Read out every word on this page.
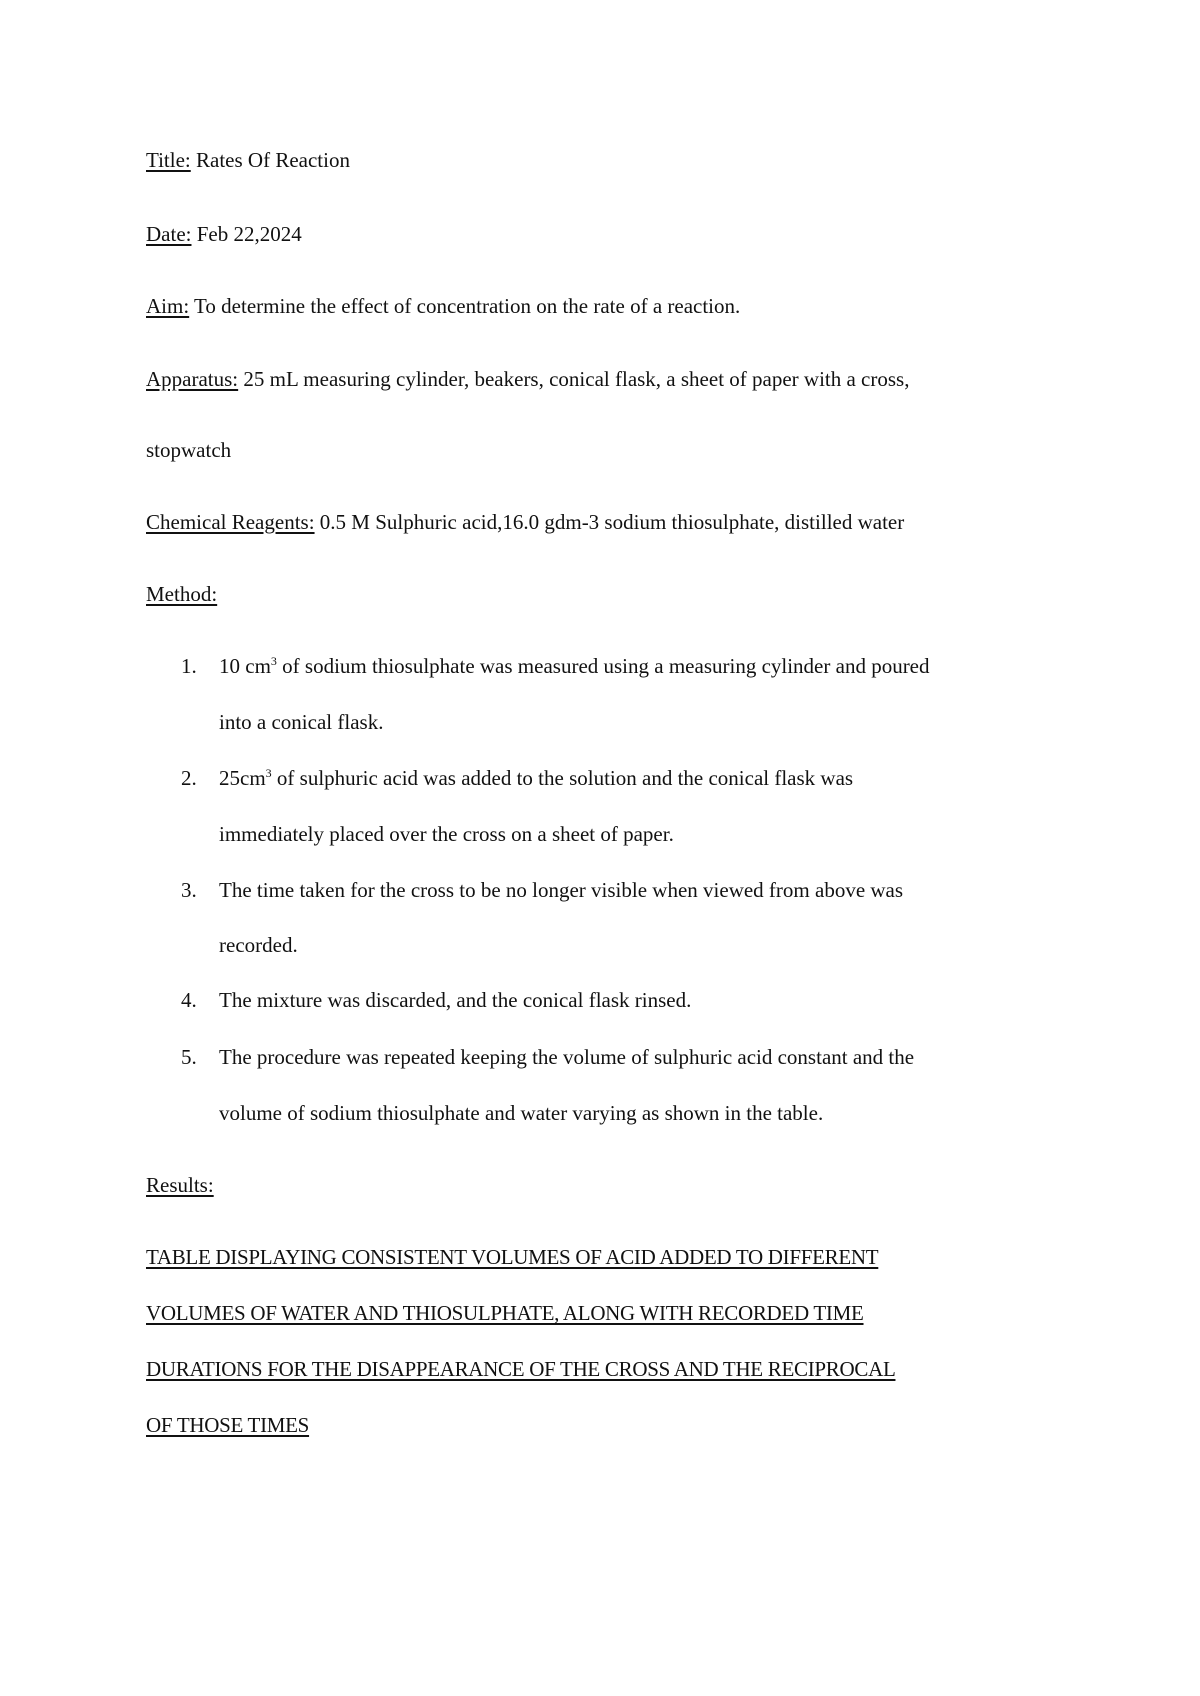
Title: Rates Of Reaction
Date: Feb 22,2024
Aim: To determine the effect of concentration on the rate of a reaction.
Apparatus: 25 mL measuring cylinder, beakers, conical flask, a sheet of paper with a cross,
stopwatch
Chemical Reagents: 0.5 M Sulphuric acid,16.0 gdm-3 sodium thiosulphate, distilled water
Method:
1. 10 $cm^3$ of sodium thiosulphate was measured using a measuring cylinder and poured
into a conical flask.
2. $25cm^3$ of sulphuric acid was added to the solution and the conical flask was
immediately placed over the cross on a sheet of paper.
3. The time taken for the cross to be no longer visible when viewed from above was
recorded.
4. The mixture was discarded, and the conical flask rinsed.
5. The procedure was repeated keeping the volume of sulphuric acid constant and the
volume of sodium thiosulphate and water varying as shown in the table.
Results:
TABLE DISPLAYING CONSISTENT VOLUMES OF ACID ADDED TO DIFFERENT
VOLUMES OF WATER AND THIOSULPHATE, ALONG WITH RECORDED TIME
DURATIONS FOR THE DISAPPEARANCE OF THE CROSS AND THE RECIPROCAL
OF THOSE TIMES
